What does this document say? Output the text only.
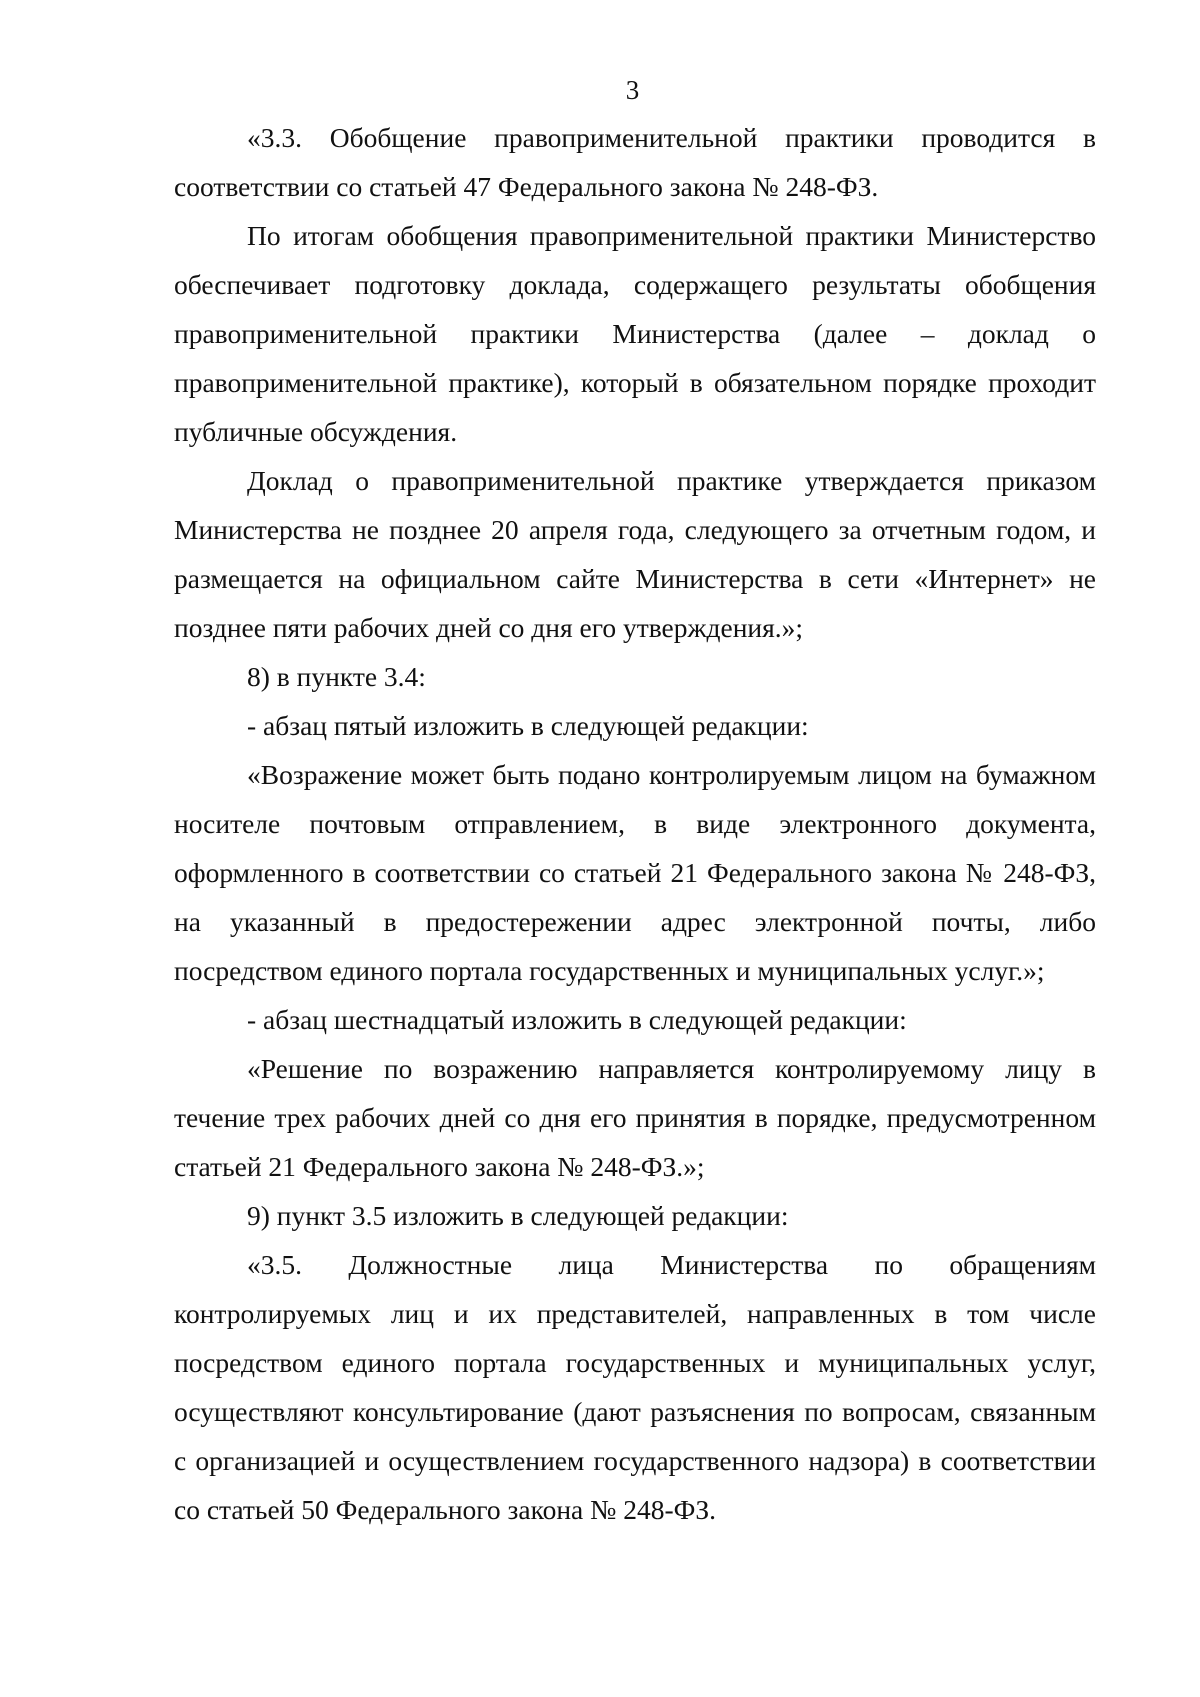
3

«3.3. Обобщение правоприменительной практики проводится в соответствии со статьей 47 Федерального закона № 248-ФЗ.

По итогам обобщения правоприменительной практики Министерство обеспечивает подготовку доклада, содержащего результаты обобщения правоприменительной практики Министерства (далее – доклад о правоприменительной практике), который в обязательном порядке проходит публичные обсуждения.

Доклад о правоприменительной практике утверждается приказом Министерства не позднее 20 апреля года, следующего за отчетным годом, и размещается на официальном сайте Министерства в сети «Интернет» не позднее пяти рабочих дней со дня его утверждения.»;

8) в пункте 3.4:

- абзац пятый изложить в следующей редакции:

«Возражение может быть подано контролируемым лицом на бумажном носителе почтовым отправлением, в виде электронного документа, оформленного в соответствии со статьей 21 Федерального закона № 248-ФЗ, на указанный в предостережении адрес электронной почты, либо посредством единого портала государственных и муниципальных услуг.»;

- абзац шестнадцатый изложить в следующей редакции:

«Решение по возражению направляется контролируемому лицу в течение трех рабочих дней со дня его принятия в порядке, предусмотренном статьей 21 Федерального закона № 248-ФЗ.»;

9) пункт 3.5 изложить в следующей редакции:

«3.5. Должностные лица Министерства по обращениям контролируемых лиц и их представителей, направленных в том числе посредством единого портала государственных и муниципальных услуг, осуществляют консультирование (дают разъяснения по вопросам, связанным с организацией и осуществлением государственного надзора) в соответствии со статьей 50 Федерального закона № 248-ФЗ.
